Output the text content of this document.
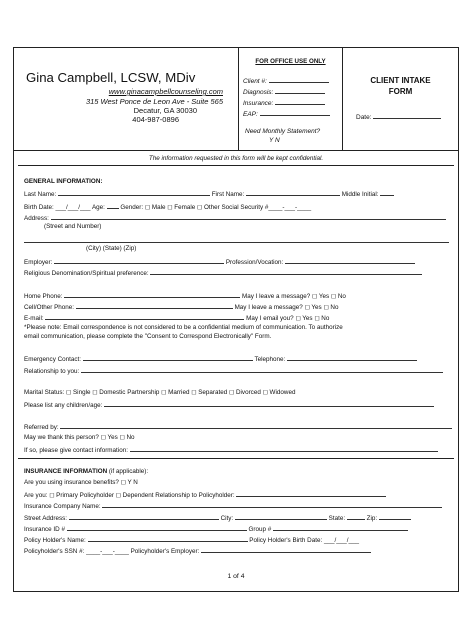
Gina Campbell, LCSW, MDiv
www.ginacampbellcounseling.com
315 West Ponce de Leon Ave - Suite 565
Decatur, GA 30030
404-987-0896
FOR OFFICE USE ONLY
Client #:
Diagnosis:
Insurance:
EAP:
Need Monthly Statement?
Y N
CLIENT INTAKE
FORM
Date:
The information requested in this form will be kept confidential.
GENERAL INFORMATION:
Last Name:	First Name:	Middle Initial:
Birth Date: ___/___/___ Age: Gender: ◻ Male ◻ Female ◻ Other Social Security #____-___-____
Address:
(Street and Number)
(City) (State) (Zip)
Employer:	Profession/Vocation:
Religious Denomination/Spiritual preference:
Home Phone:	May I leave a message? ◻ Yes ◻ No
Cell/Other Phone:	May I leave a message? ◻ Yes ◻ No
E-mail:	May I email you? ◻ Yes ◻ No
*Please note: Email correspondence is not considered to be a confidential medium of communication. To authorize
email communication, please complete the "Consent to Correspond Electronically" Form.
Emergency Contact:	Telephone:
Relationship to you:
Marital Status: ◻ Single ◻ Domestic Partnership ◻ Married ◻ Separated ◻ Divorced ◻ Widowed
Please list any children/age:
Referred by:
May we thank this person? ◻ Yes ◻ No
If so, please give contact information:
INSURANCE INFORMATION (if applicable):
Are you using insurance benefits? ◻ Y N
Are you: ◻ Primary Policyholder ◻ Dependent Relationship to Policyholder:
Insurance Company Name:
Street Address:	City:	State:	Zip:
Insurance ID #	Group #
Policy Holder's Name:	Policy Holder's Birth Date: ___/___/___
Policyholder's SSN #: ____-___-____ Policyholder's Employer:
1 of 4
